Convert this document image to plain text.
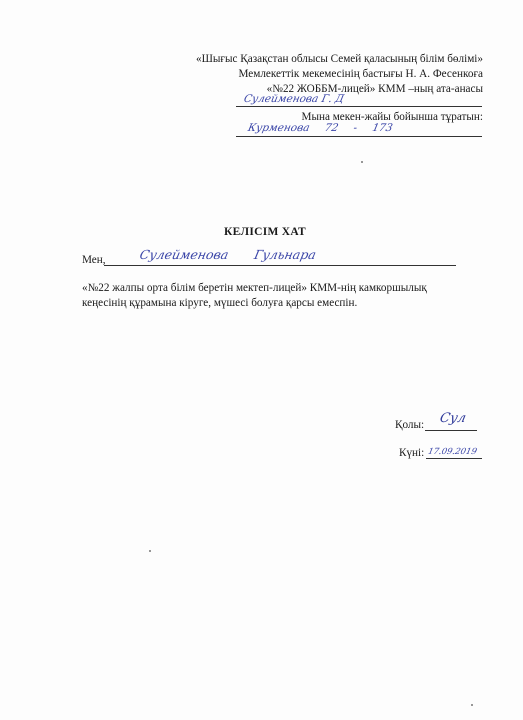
«Шығыс Қазақстан облысы Семей қаласының білім бөлімі»
Мемлекеттік мекемесінің бастығы Н. А. Фесенкоға
«№22 ЖОББМ-лицей» КММ –ның ата-анасы
Сулейменова Г. Д
Мына мекен-жайы бойынша тұратын:
Курменова 72 - 173
КЕЛІСІМ ХАТ
Мен,	Сулейменова Гульнара
«№22 жалпы орта білім беретін мектеп-лицей» КММ-нің камкоршылық
кеңесінің құрамына кіруге, мүшесі болуға қарсы емеспін.
Қолы: Сул
Күні: 17.09.2019
